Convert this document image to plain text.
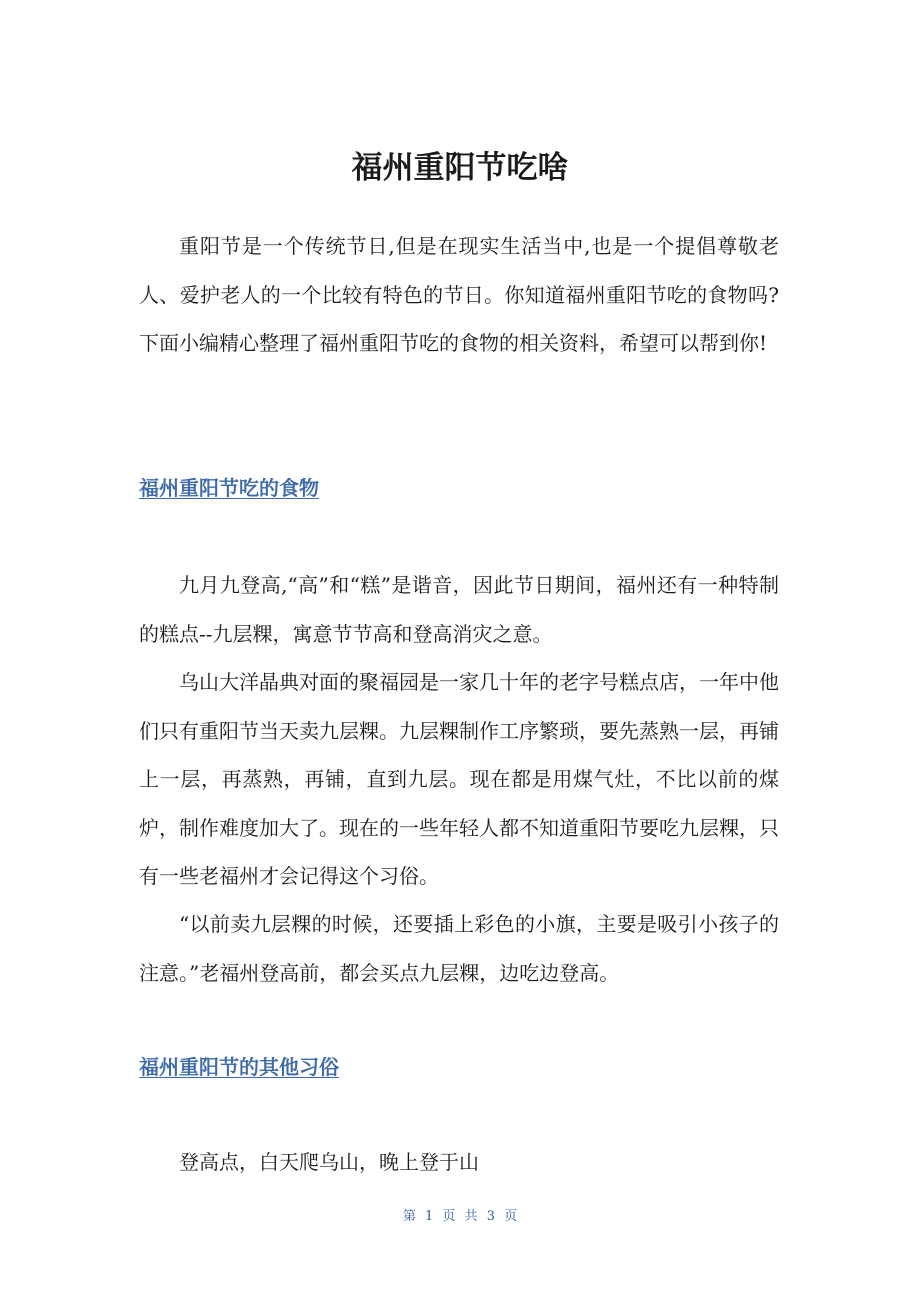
福州重阳节吃啥

重阳节是一个传统节日,但是在现实生活当中,也是一个提倡尊敬老人、爱护老人的一个比较有特色的节日。你知道福州重阳节吃的食物吗?下面小编精心整理了福州重阳节吃的食物的相关资料，希望可以帮到你!

福州重阳节吃的食物

九月九登高,“高”和“糕”是谐音，因此节日期间，福州还有一种特制的糕点--九层粿，寓意节节高和登高消灾之意。

乌山大洋晶典对面的聚福园是一家几十年的老字号糕点店，一年中他们只有重阳节当天卖九层粿。九层粿制作工序繁琐，要先蒸熟一层，再铺上一层，再蒸熟，再铺，直到九层。现在都是用煤气灶，不比以前的煤炉，制作难度加大了。现在的一些年轻人都不知道重阳节要吃九层粿，只有一些老福州才会记得这个习俗。

“以前卖九层粿的时候，还要插上彩色的小旗，主要是吸引小孩子的注意。”老福州登高前，都会买点九层粿，边吃边登高。

福州重阳节的其他习俗

登高点，白天爬乌山，晚上登于山

第 1 页 共 3 页
